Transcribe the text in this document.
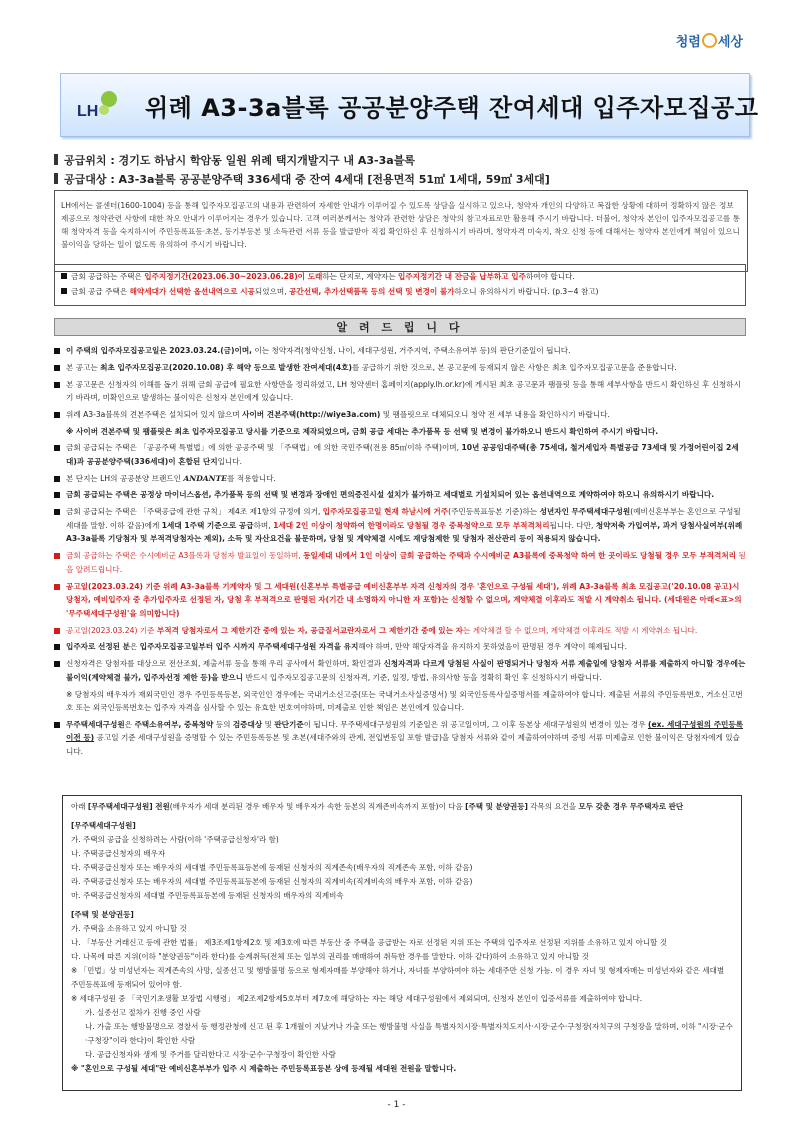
청렴 세상
LH 위례 A3-3a블록 공공분양주택 잔여세대 입주자모집공고
공급위치 : 경기도 하남시 학암동 일원 위례 택지개발지구 내 A3-3a블록
공급대상 : A3-3a블록 공공분양주택 336세대 중 잔여 4세대 [전용면적 51㎡ 1세대, 59㎡ 3세대]
LH에서는 콜센터(1600-1004) 등을 통해 입주자모집공고의 내용과 관련하여 자세한 안내가 이루어질 수 있도록 상담을 실시하고 있으나, 청약자 개인의 다양하고 복잡한 상황에 대하여 정확하지 않은 정보 제공으로 청약관련 사항에 대한 착오 안내가 이루어지는 경우가 있습니다. 고객 여러분께서는 청약과 관련한 상담은 청약의 참고자료로만 활용해 주시기 바랍니다. 더불어, 청약자 본인이 입주자모집공고를 통해 청약자격 등을 숙지하시어 주민등록표등·초본, 등기부등본 및 소득관련 서류 등을 발급받아 직접 확인하신 후 신청하시기 바라며, 청약자격 미숙지, 착오 신청 등에 대해서는 청약자 본인에게 책임이 있으니 불이익을 당하는 일이 없도록 유의하여 주시기 바랍니다.
금회 공급하는 주택은 입주지정기간(2023.06.30~2023.06.28)이 도래하는 단지로, 계약자는 입주지정기간 내 잔금을 납부하고 입주하여야 합니다.
금회 공급 주택은 해약세대가 선택한 옵션내역으로 시공되었으며, 공간선택, 추가선택품목 등의 선택 및 변경이 불가하오니 유의하시기 바랍니다. (p.3~4 참고)
알 려 드 립 니 다
이 주택의 입주자모집공고일은 2023.03.24.(금)이며, 이는 청약자격(청약신청, 나이, 세대구성원, 거주지역, 주택소유여부 등)의 판단기준일이 됩니다.
본 공고는 최초 입주자모집공고(2020.10.08) 후 해약 등으로 발생한 잔여세대(4호)를 공급하기 위한 것으로, 본 공고문에 등재되지 않은 사항은 최초 입주자모집공고문을 준용합니다.
본 공고문은 신청자의 이해를 돕기 위해 금회 공급에 필요한 사항만을 정리하였고, LH 청약센터 홈페이지(apply.lh.or.kr)에 게시된 최초 공고문과 팸플릿 등을 통해 세부사항을 반드시 확인하신 후 신청하시기 바라며, 미확인으로 발생하는 불이익은 신청자 본인에게 있습니다.
위례 A3-3a블록의 견본주택은 설치되어 있지 않으며 사이버 견본주택(http://wiye3a.com) 및 팸플릿으로 대체되오니 청약 전 세부 내용을 확인하시기 바랍니다.
※ 사이버 견본주택 및 팸플릿은 최초 입주자모집공고 당시를 기준으로 제작되었으며, 금회 공급 세대는 추가품목 등 선택 및 변경이 불가하오니 반드시 확인하여 주시기 바랍니다.
금회 공급되는 주택은 「공공주택 특별법」에 의한 공공주택 및 「주택법」에 의한 국민주택(전용 85㎡이하 주택)이며, 10년 공공임대주택(총 75세대, 철거세입자 특별공급 73세대 및 가정어린이집 2세대)과 공공분양주택(336세대)이 혼합된 단지입니다.
본 단지는 LH의 공공분양 브랜드인 ANDANTE를 적용합니다.
금회 공급되는 주택은 공정상 마이너스옵션, 추가품목 등의 선택 및 변경과 장애인 편의증진시설 설치가 불가하고 세대별로 기설치되어 있는 옵션내역으로 계약하여야 하오니 유의하시기 바랍니다.
금회 공급되는 주택은 「주택공급에 관한 규칙」 제4조 제1항의 규정에 의거, 입주자모집공고일 현재 하남시에 거주(주민등록표등본 기준)하는 성년자인 무주택세대구성원(예비신혼부부는 혼인으로 구성될 세대를 말함. 이하 같음)에게 1세대 1주택 기준으로 공급하며, 1세대 2인 이상이 청약하여 한명이라도 당첨될 경우 중복청약으로 모두 부적격처리됩니다. 다만, 청약저축 가입여부, 과거 당첨사실여부(위례 A3-3a블록 기당첨자 및 부적격당첨자는 제외), 소득 및 자산요건을 불문하며, 당첨 및 계약체결 시에도 재당첨제한 및 당첨자 전산관리 등이 적용되지 않습니다.
금회 공급하는 주택은 수시예비군 A3블록과 당첨자 발표일이 동일하며, 동일세대 내에서 1인 이상이 금회 공급하는 주택과 수시예비군 A3블록에 중복청약 하여 한 곳이라도 당첨될 경우 모두 부적격처리 됨을 알려드립니다.
공고일(2023.03.24) 기준 위례 A3-3a블록 기계약자 및 그 세대원(신혼부부 특별공급 예비신혼부부 자격 신청자의 경우 '혼인으로 구성될 세대'), 위례 A3-3a블록 최초 모집공고('20.10.08 공고)시 당첨자, 예비입주자 중 추가입주자로 선정된 자, 당첨 후 부적격으로 판명된 자(기간 내 소명하지 아니한 자 포함)는 신청할 수 없으며, 계약체결 이후라도 적발 시 계약취소 됩니다. (세대원은 아래<표>의 '무주택세대구성원'을 의미합니다)
공고일(2023.03.24) 기준 부적격 당첨자로서 그 제한기간 중에 있는 자, 공급질서교란자로서 그 제한기간 중에 있는 자는 계약체결 할 수 없으며, 계약체결 이후라도 적발 시 계약취소 됩니다.
입주자로 선정된 분은 입주자모집공고일부터 입주 시까지 무주택세대구성원 자격을 유지해야 하며, 만약 해당자격을 유지하지 못하였음이 판명된 경우 계약이 해제됩니다.
신청자격은 당첨자를 대상으로 전산조회, 제출서류 등을 통해 우리 공사에서 확인하며, 확인결과 신청자격과 다르게 당첨된 사실이 판명되거나 당첨자 서류 제출일에 당첨자 서류를 제출하지 아니할 경우에는 불이익(계약체결 불가, 입주자선정 제한 등)을 받으니 반드시 입주자모집공고문의 신청자격, 기준, 일정, 방법, 유의사항 등을 정확히 확인 후 신청하시기 바랍니다.
※ 당첨자의 배우자가 재외국민인 경우 주민등록등본, 외국인인 경우에는 국내거소신고증(또는 국내거소사실증명서) 및 외국인등록사실증명서를 제출하여야 합니다. 제출된 서류의 주민등록번호, 거소신고번호 또는 외국인등록번호는 입주자 자격을 심사할 수 있는 유효한 번호여야하며, 미제출로 인한 책임은 본인에게 있습니다.
무주택세대구성원은 주택소유여부, 중복청약 등의 검증대상 및 판단기준이 됩니다. 무주택세대구성원의 기준일은 위 공고일이며, 그 이후 등본상 세대구성원의 변경이 있는 경우 (ex. 세대구성원의 주민등록이전 등) 공고일 기준 세대구성원을 증명할 수 있는 주민등록등본 및 초본(세대주와의 관계, 전입변동일 포함 발급)을 당첨자 서류와 같이 제출하여야하며 증빙 서류 미제출로 인한 불이익은 당첨자에게 있습니다.
아래 [무주택세대구성원] 전원(배우자가 세대 분리된 경우 배우자 및 배우자가 속한 등본의 직계존비속까지 포함)이 다음 [주택 및 분양권등] 각목의 요건을 모두 갖춘 경우 무주택자로 판단
[무주택세대구성원]
가. 주택의 공급을 신청하려는 사람(이하 '주택공급신청자'라 함)
나. 주택공급신청자의 배우자
다. 주택공급신청자 또는 배우자의 세대별 주민등록표등본에 등재된 신청자의 직계존속(배우자의 직계존속 포함, 이하 같음)
라. 주택공급신청자 또는 배우자의 세대별 주민등록표등본에 등재된 신청자의 직계비속(직계비속의 배우자 포함, 이하 같음)
마. 주택공급신청자의 세대별 주민등록표등본에 등재된 신청자의 배우자의 직계비속
[주택 및 분양권등]
가. 주택을 소유하고 있지 아니할 것
나. 「부동산 거래신고 등에 관한 법률」 제3조제1항제2호 및 제3호에 따른 부동산 중 주택을 공급받는 자로 선정된 지위 또는 주택의 입주자로 선정된 지위를 소유하고 있지 아니할 것
다. 나목에 따른 지위(이하 "분양권등"이라 한다)를 승계취득(전체 또는 일부의 권리를 매매하여 취득한 경우를 말한다. 이하 같다)하여 소유하고 있지 아니할 것
※ 「민법」상 미성년자는 직계존속의 사망, 실종선고 및 행방불명 등으로 형제자매를 부양해야 하거나, 자녀를 부양하여야 하는 세대주만 신청 가능. 이 경우 자녀 및 형제자매는 미성년자와 같은 세대별 주민등록표에 등재되어 있어야 함.
※ 세대구성원 중 「국민기초생활 보장법 시행령」 제2조제2항제5호부터 제7호에 해당하는 자는 해당 세대구성원에서 제외되며, 신청자 본인이 입증서류를 제출하여야 합니다.
가. 실종선고 절차가 진행 중인 사람
나. 가출 또는 행방불명으로 경찰서 등 행정관청에 신고 된 후 1개월이 지났거나 가출 또는 행방불명 사실을 특별자치시장·특별자치도지사·시장·군수·구청장(자치구의 구청장을 말하며, 이하 "시장·군수·구청장"이라 한다)이 확인한 사람
다. 공급신청자와 생계 및 주거를 달리한다고 시장·군수·구청장이 확인한 사람
※ "혼인으로 구성될 세대"란 예비신혼부부가 입주 시 제출하는 주민등록표등본 상에 등재될 세대원 전원을 말합니다.
- 1 -
